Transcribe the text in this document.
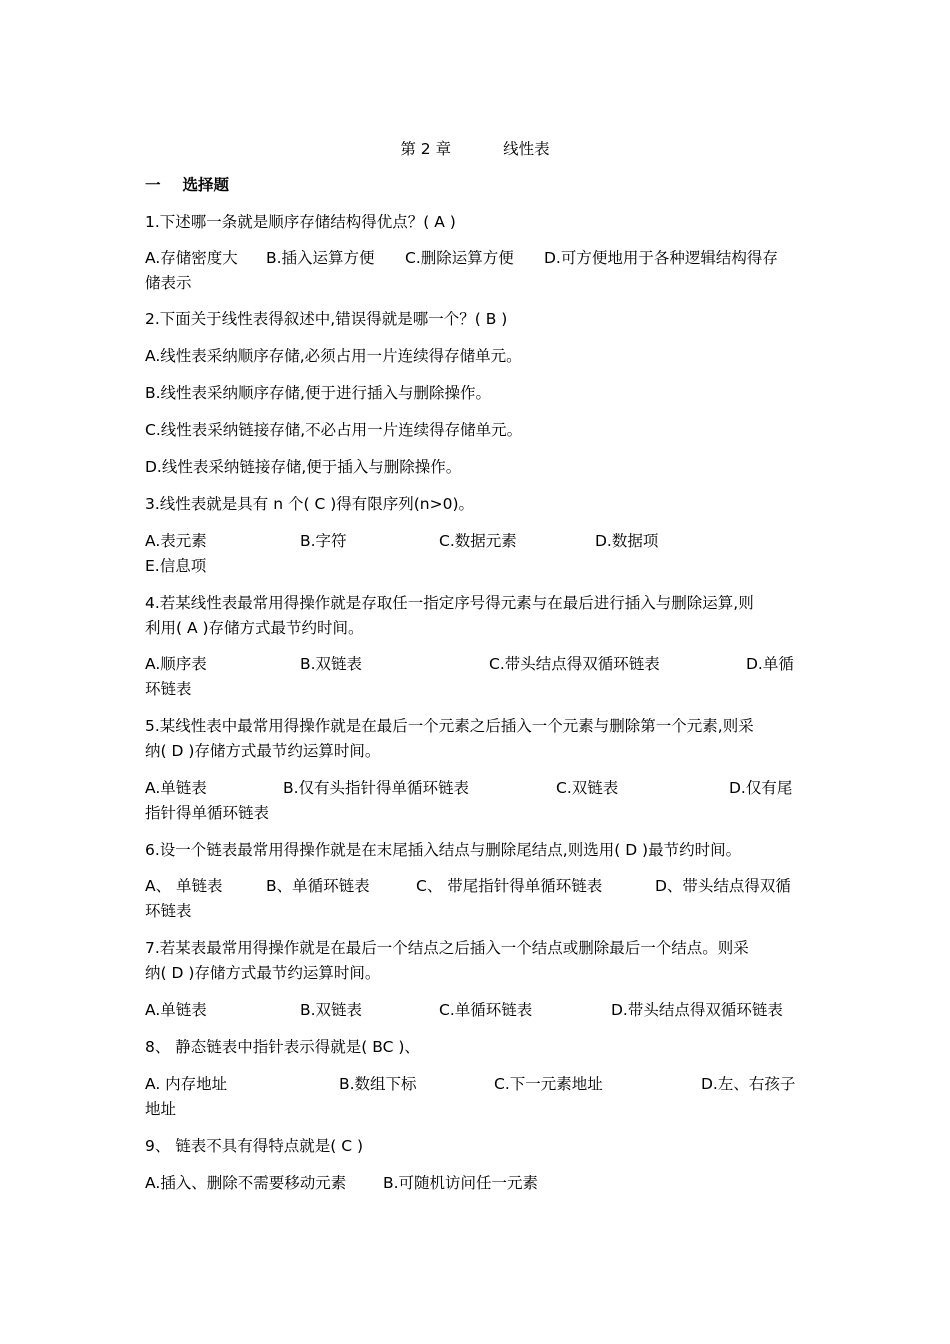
第 2 章	线性表
一 选择题
1.下述哪一条就是顺序存储结构得优点？( A )
A.存储密度大 B.插入运算方便 C.删除运算方便 D.可方便地用于各种逻辑结构得存
储表示
2.下面关于线性表得叙述中,错误得就是哪一个？( B )
A.线性表采纳顺序存储,必须占用一片连续得存储单元。
B.线性表采纳顺序存储,便于进行插入与删除操作。
C.线性表采纳链接存储,不必占用一片连续得存储单元。
D.线性表采纳链接存储,便于插入与删除操作。
3.线性表就是具有 n 个( C )得有限序列(n>0)。
A.表元素	B.字符	C.数据元素	D.数据项
E.信息项
4.若某线性表最常用得操作就是存取任一指定序号得元素与在最后进行插入与删除运算,则
利用( A )存储方式最节约时间。
A.顺序表	B.双链表	C.带头结点得双循环链表	D.单循
环链表
5.某线性表中最常用得操作就是在最后一个元素之后插入一个元素与删除第一个元素,则采
纳( D )存储方式最节约运算时间。
A.单链表	B.仅有头指针得单循环链表	C.双链表	D.仅有尾
指针得单循环链表
6.设一个链表最常用得操作就是在末尾插入结点与删除尾结点,则选用( D )最节约时间。
A、 单链表	B、单循环链表	C、 带尾指针得单循环链表	D、带头结点得双循
环链表
7.若某表最常用得操作就是在最后一个结点之后插入一个结点或删除最后一个结点。则采
纳( D )存储方式最节约运算时间。
A.单链表	B.双链表	C.单循环链表	D.带头结点得双循环链表
8、 静态链表中指针表示得就是( BC )、
A. 内存地址	B.数组下标	C.下一元素地址	D.左、右孩子
地址
9、 链表不具有得特点就是( C )
A.插入、删除不需要移动元素 B.可随机访问任一元素
